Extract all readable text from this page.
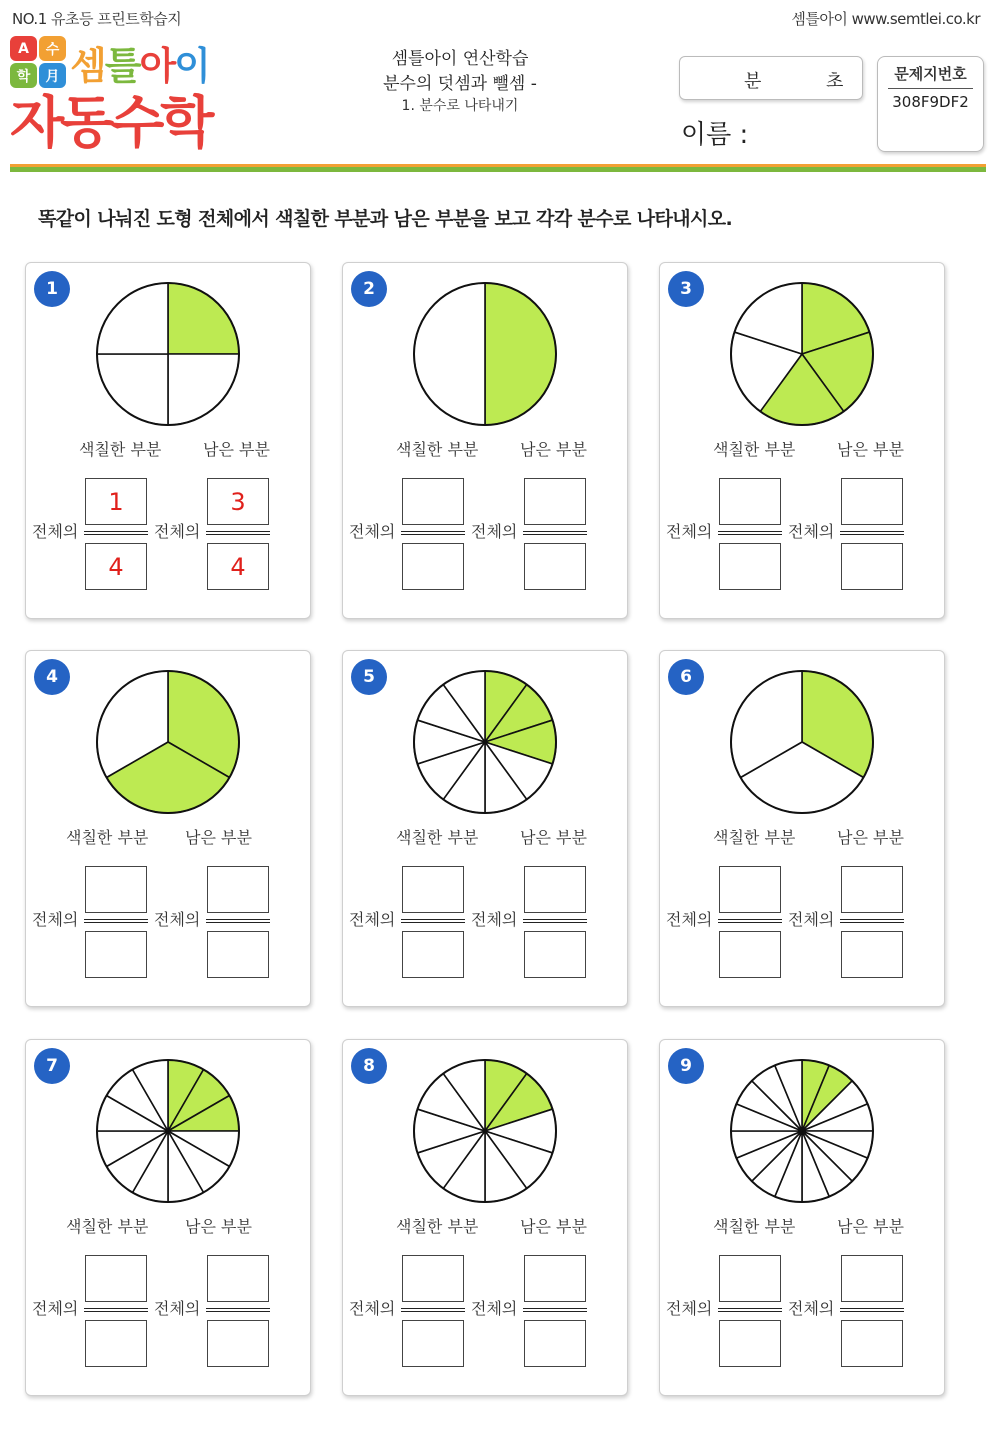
NO.1 유초등 프린트학습지	셈틀아이 www.semtlei.co.kr
A	수
학	月 셈틀아이
자동수학
셈틀아이 연산학습
분수의 덧셈과 뺄셈 -
1. 분수로 나타내기
분	초
이름 :
문제지번호
308F9DF2
똑같이 나눠진 도형 전체에서 색칠한 부분과 남은 부분을 보고 각각 분수로 나타내시오.
1
색칠한 부분	남은 부분
전체의	전체의
1
4
3
4
2
색칠한 부분	남은 부분
전체의	전체의
3
색칠한 부분	남은 부분
전체의	전체의
4
색칠한 부분 남은 부분
전체의	전체의
5
색칠한 부분	남은 부분
전체의	전체의
6
색칠한 부분	남은 부분
전체의	전체의
7
색칠한 부분 남은 부분
전체의	전체의
8
색칠한 부분	남은 부분
전체의	전체의
9
색칠한 부분	남은 부분
전체의	전체의
